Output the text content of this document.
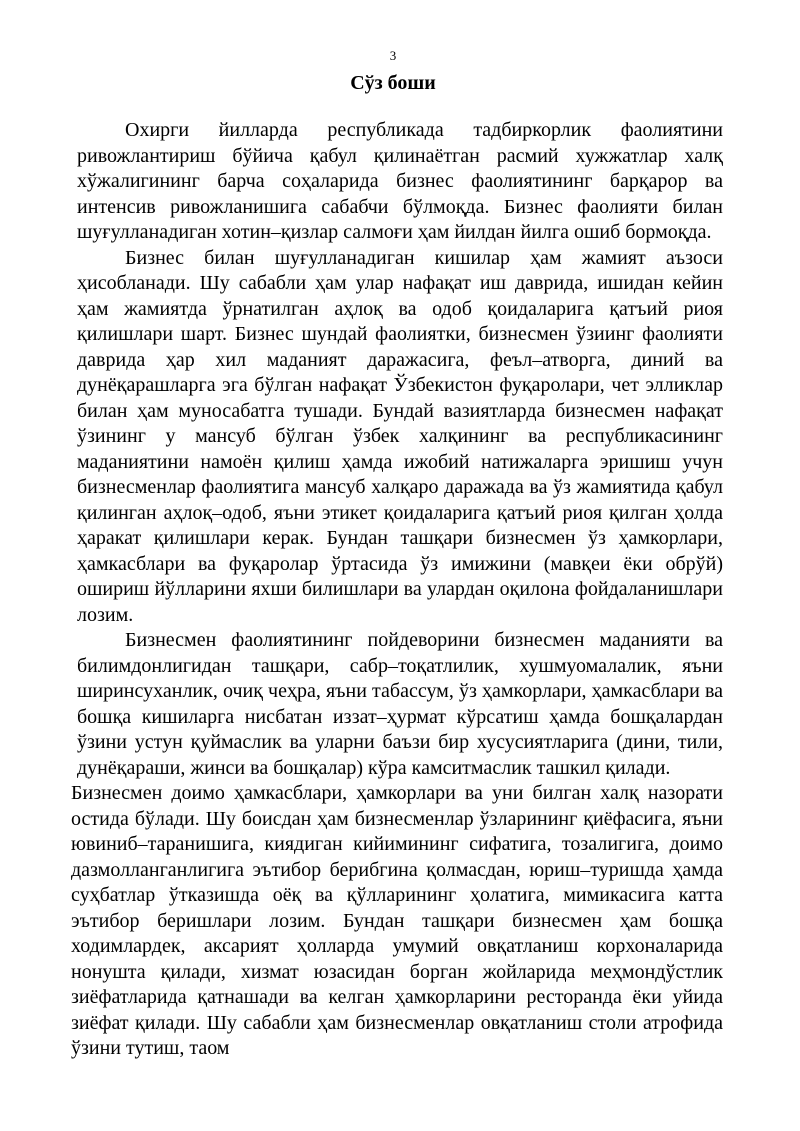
3
Сўз боши

Охирги йилларда республикада тадбиркорлик фаолиятини ривожлантириш бўйича қабул қилинаётган расмий хужжатлар халқ хўжалигининг барча соҳаларида бизнес фаолиятининг барқарор ва интенсив ривожланишига сабабчи бўлмоқда. Бизнес фаолияти билан шуғулланадиган хотин–қизлар салмоғи ҳам йилдан йилга ошиб бормоқда.

Бизнес билан шуғулланадиган кишилар ҳам жамият аъзоси ҳисобланади. Шу сабабли ҳам улар нафақат иш даврида, ишидан кейин ҳам жамиятда ўрнатилган аҳлоқ ва одоб қоидаларига қатъий риоя қилишлари шарт. Бизнес шундай фаолиятки, бизнесмен ўзиинг фаолияти даврида ҳар хил маданият даражасига, феъл–атворга, диний ва дунёқарашларга эга бўлган нафақат Ўзбекистон фуқаролари, чет элликлар билан ҳам муносабатга тушади. Бундай вазиятларда бизнесмен нафақат ўзининг у мансуб бўлган ўзбек халқининг ва республикасининг маданиятини намоён қилиш ҳамда ижобий натижаларга эришиш учун бизнесменлар фаолиятига мансуб халқаро даражада ва ўз жамиятида қабул қилинган аҳлоқ–одоб, яъни этикет қоидаларига қатъий риоя қилган ҳолда ҳаракат қилишлари керак. Бундан ташқари бизнесмен ўз ҳамкорлари, ҳамкасблари ва фуқаролар ўртасида ўз имижини (мавқеи ёки обрўй) ошириш йўлларини яхши билишлари ва улардан оқилона фойдаланишлари лозим.

Бизнесмен фаолиятининг пойдеворини бизнесмен маданияти ва билимдонлигидан ташқари, сабр–тоқатлилик, хушмуомалалик, яъни ширинсуханлик, очиқ чеҳра, яъни табассум, ўз ҳамкорлари, ҳамкасблари ва бошқа кишиларга нисбатан иззат–ҳурмат кўрсатиш ҳамда бошқалардан ўзини устун қуймаслик ва уларни баъзи бир хусусиятларига (дини, тили, дунёқараши, жинси ва бошқалар) кўра камситмаслик ташкил қилади.

Бизнесмен доимо ҳамкасблари, ҳамкорлари ва уни билган халқ назорати остида бўлади. Шу боисдан ҳам бизнесменлар ўзларининг қиёфасига, яъни ювиниб–таранишига, киядиган кийимининг сифатига, тозалигига, доимо дазмолланганлигига эътибор берибгина қолмасдан, юриш–туришда ҳамда суҳбатлар ўтказишда оёқ ва қўлларининг ҳолатига, мимикасига катта эътибор беришлари лозим. Бундан ташқари бизнесмен ҳам бошқа ходимлардек, аксарият ҳолларда умумий овқатланиш корхоналарида нонушта қилади, хизмат юзасидан борган жойларида меҳмондўстлик зиёфатларида қатнашади ва келган ҳамкорларини ресторанда ёки уйида зиёфат қилади. Шу сабабли ҳам бизнесменлар овқатланиш столи атрофида ўзини тутиш, таом
